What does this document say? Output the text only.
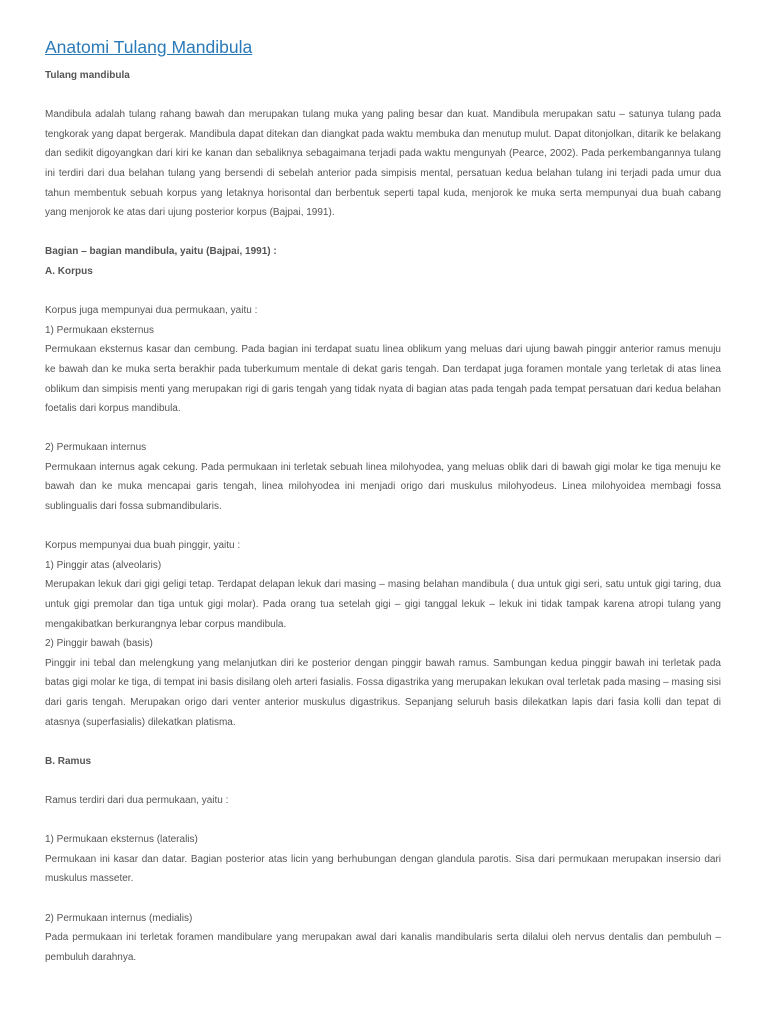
Anatomi Tulang Mandibula

Tulang mandibula

Mandibula adalah tulang rahang bawah dan merupakan tulang muka yang paling besar dan kuat. Mandibula merupakan satu – satunya tulang pada tengkorak yang dapat bergerak. Mandibula dapat ditekan dan diangkat pada waktu membuka dan menutup mulut. Dapat ditonjolkan, ditarik ke belakang dan sedikit digoyangkan dari kiri ke kanan dan sebaliknya sebagaimana terjadi pada waktu mengunyah (Pearce, 2002). Pada perkembangannya tulang ini terdiri dari dua belahan tulang yang bersendi di sebelah anterior pada simpisis mental, persatuan kedua belahan tulang ini terjadi pada umur dua tahun membentuk sebuah korpus yang letaknya horisontal dan berbentuk seperti tapal kuda, menjorok ke muka serta mempunyai dua buah cabang yang menjorok ke atas dari ujung posterior korpus (Bajpai, 1991).

Bagian – bagian mandibula, yaitu (Bajpai, 1991) :

A. Korpus

Korpus juga mempunyai dua permukaan, yaitu :

1) Permukaan eksternus

Permukaan eksternus kasar dan cembung. Pada bagian ini terdapat suatu linea oblikum yang meluas dari ujung bawah pinggir anterior ramus menuju ke bawah dan ke muka serta berakhir pada tuberkumum mentale di dekat garis tengah. Dan terdapat juga foramen montale yang terletak di atas linea oblikum dan simpisis menti yang merupakan rigi di garis tengah yang tidak nyata di bagian atas pada tengah pada tempat persatuan dari kedua belahan foetalis dari korpus mandibula.

2) Permukaan internus

Permukaan internus agak cekung. Pada permukaan ini terletak sebuah linea milohyodea, yang meluas oblik dari di bawah gigi molar ke tiga menuju ke bawah dan ke muka mencapai garis tengah, linea milohyodea ini menjadi origo dari muskulus milohyodeus. Linea milohyoidea membagi fossa sublingualis dari fossa submandibularis.

Korpus mempunyai dua buah pinggir, yaitu :

1) Pinggir atas (alveolaris)

Merupakan lekuk dari gigi geligi tetap. Terdapat delapan lekuk dari masing – masing belahan mandibula ( dua untuk gigi seri, satu untuk gigi taring, dua untuk gigi premolar dan tiga untuk gigi molar). Pada orang tua setelah gigi – gigi tanggal lekuk – lekuk ini tidak tampak karena atropi tulang yang mengakibatkan berkurangnya lebar corpus mandibula.

2) Pinggir bawah (basis)

Pinggir ini tebal dan melengkung yang melanjutkan diri ke posterior dengan pinggir bawah ramus. Sambungan kedua pinggir bawah ini terletak pada batas gigi molar ke tiga, di tempat ini basis disilang oleh arteri fasialis. Fossa digastrika yang merupakan lekukan oval terletak pada masing – masing sisi dari garis tengah. Merupakan origo dari venter anterior muskulus digastrikus. Sepanjang seluruh basis dilekatkan lapis dari fasia kolli dan tepat di atasnya (superfasialis) dilekatkan platisma.

B. Ramus

Ramus terdiri dari dua permukaan, yaitu :

1) Permukaan eksternus (lateralis)

Permukaan ini kasar dan datar. Bagian posterior atas licin yang berhubungan dengan glandula parotis. Sisa dari permukaan merupakan insersio dari muskulus masseter.

2) Permukaan internus (medialis)

Pada permukaan ini terletak foramen mandibulare yang merupakan awal dari kanalis mandibularis serta dilalui oleh nervus dentalis dan pembuluh – pembuluh darahnya.
